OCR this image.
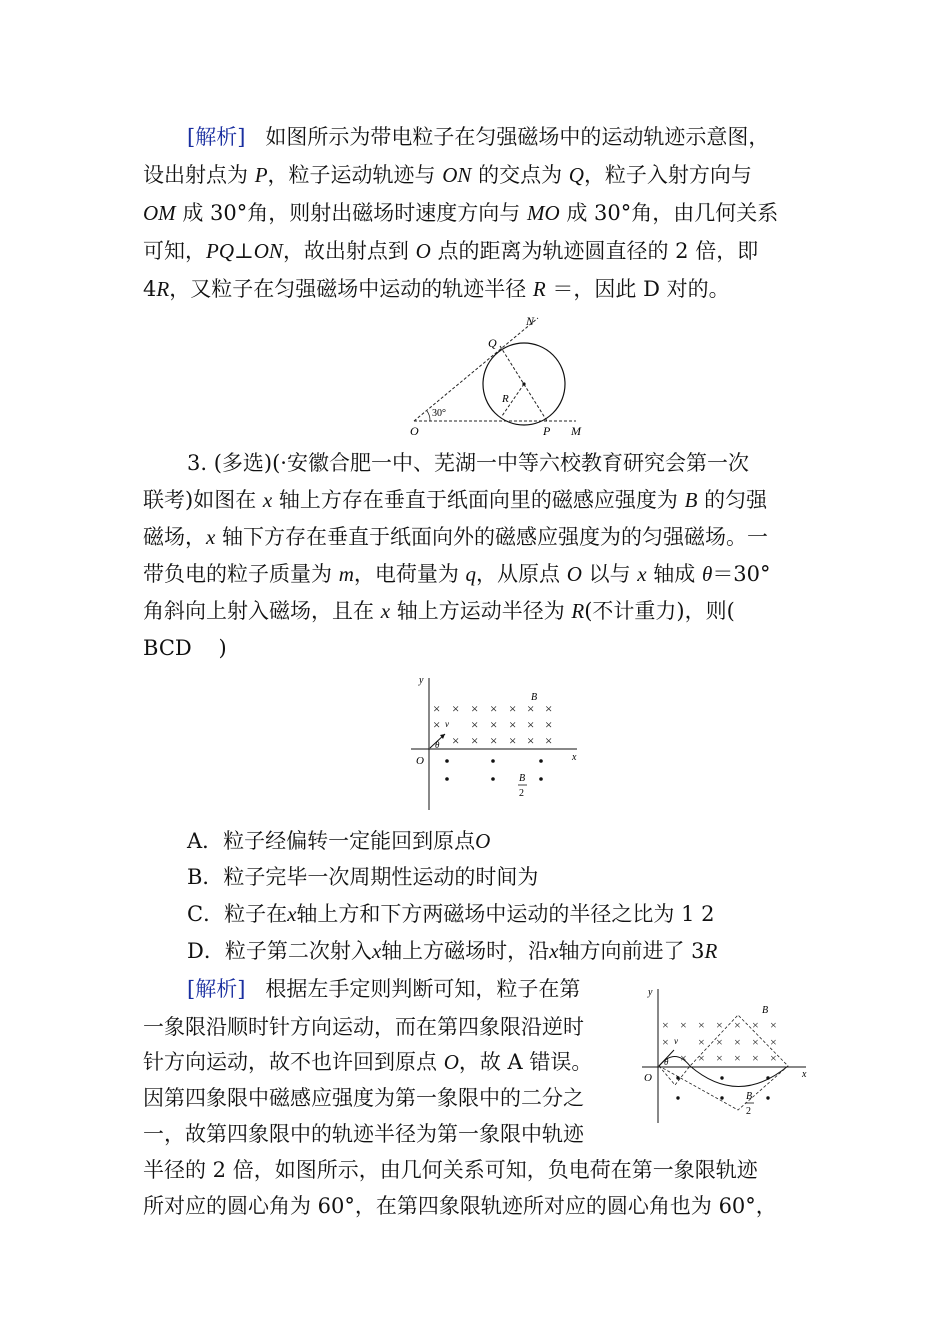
[解析] 如图所示为带电粒子在匀强磁场中的运动轨迹示意图，
设出射点为 P，粒子运动轨迹与 ON 的交点为 Q，粒子入射方向与
OM 成 30°角，则射出磁场时速度方向与 MO 成 30°角，由几何关系
可知，PQ⊥ON，故出射点到 O 点的距离为轨迹圆直径的 2 倍，即
4R，又粒子在匀强磁场中运动的轨迹半径 R ＝，因此 D 对的。
N
Q
R
30°
O	P M
3. (多选)(·安徽合肥一中、芜湖一中等六校教育研究会第一次
联考)如图在 x 轴上方存在垂直于纸面向里的磁感应强度为 B 的匀强
磁场，x 轴下方存在垂直于纸面向外的磁感应强度为的匀强磁场。一
带负电的粒子质量为 m，电荷量为 q，从原点 O 以与 x 轴成 θ＝30°
角斜向上射入磁场，且在 x 轴上方运动半径为 R(不计重力)，则(
BCD )
y
x
O
B
× × × × × × ×
× × × × × ×
× × × × × ×
v
θ
B
2
A．粒子经偏转一定能回到原点O
B．粒子完毕一次周期性运动的时间为
C．粒子在x轴上方和下方两磁场中运动的半径之比为 1 2
D．粒子第二次射入x轴上方磁场时，沿x轴方向前进了 3R
[解析] 根据左手定则判断可知，粒子在第
一象限沿顺时针方向运动，而在第四象限沿逆时
针方向运动，故不也许回到原点 O，故 A 错误。
因第四象限中磁感应强度为第一象限中的二分之
一，故第四象限中的轨迹半径为第一象限中轨迹
半径的 2 倍，如图所示，由几何关系可知，负电荷在第一象限轨迹
所对应的圆心角为 60°，在第四象限轨迹所对应的圆心角也为 60°，
y
x
O
B
× × × × × × ×
× × × × × ×
× × × × × ×
v
θ
B
2
